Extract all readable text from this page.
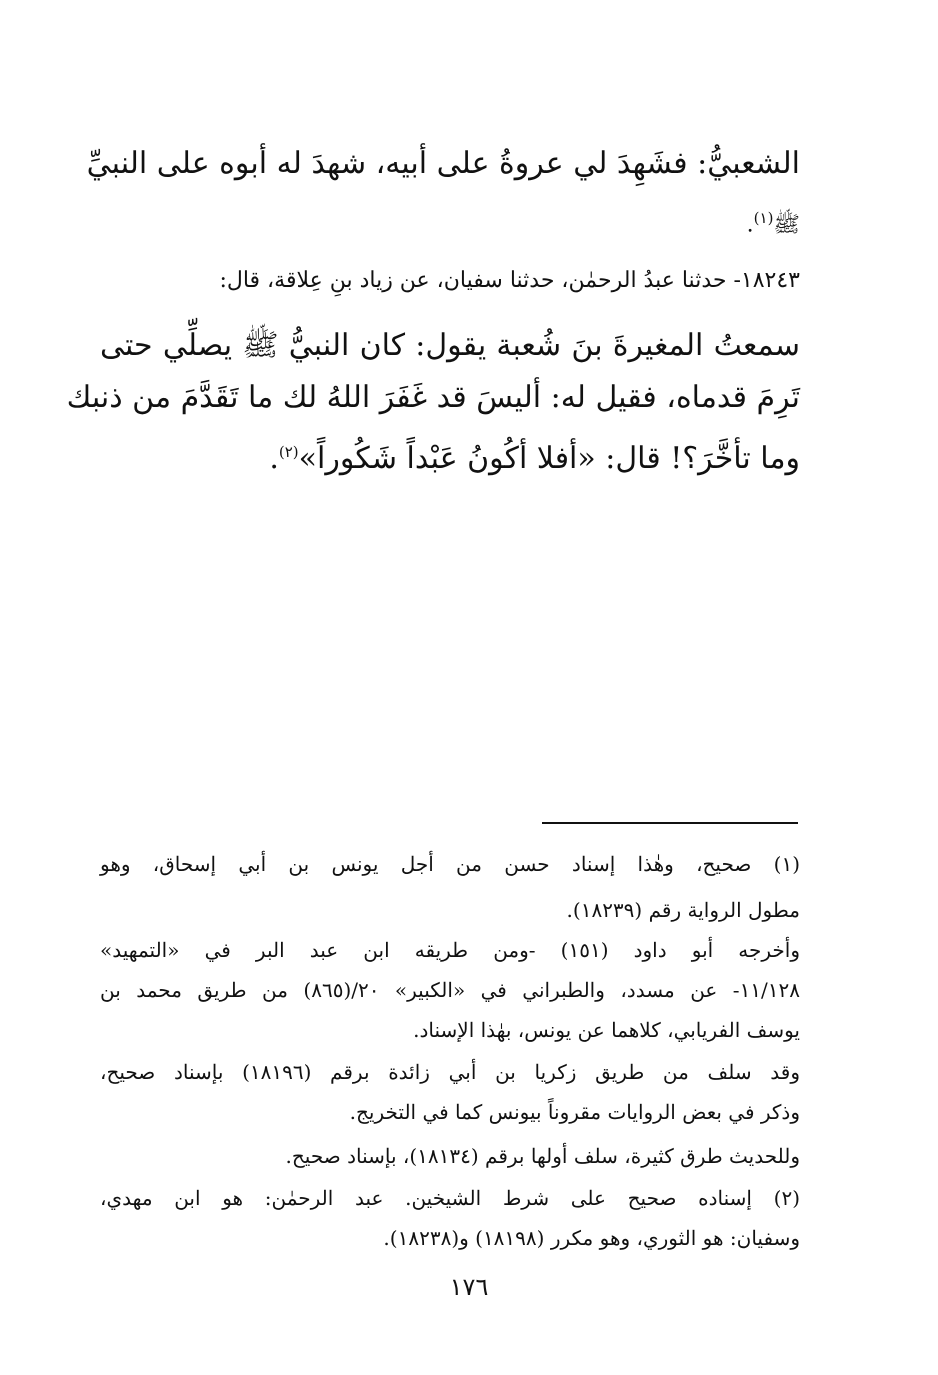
الشعبيُّ: فشَهِدَ لي عروةُ على أبيه، شهدَ له أبوه على النبيِّ
ﷺ$^{(١)}$.
١٨٢٤٣- حدثنا عبدُ الرحمٰن، حدثنا سفيان، عن زياد بنِ عِلاقة، قال:
سمعتُ المغيرةَ بنَ شُعبة يقول: كان النبيُّ ﷺ يصلِّي حتى
تَرِمَ قدماه، فقيل له: أليسَ قد غَفَرَ اللهُ لك ما تَقَدَّمَ من ذنبك
وما تأخَّرَ؟! قال: «أفلا أكُونُ عَبْداً شَكُوراً»$^{(٢)}$.
(١) صحيح، وهٰذا إسناد حسن من أجل يونس بن أبي إسحاق، وهو
مطول الرواية رقم (١٨٢٣٩).
وأخرجه أبو داود (١٥١) -ومن طريقه ابن عبد البر في «التمهيد»
١١/١٢٨- عن مسدد، والطبراني في «الكبير» ٢٠/(٨٦٥) من طريق محمد بن
يوسف الفريابي، كلاهما عن يونس، بهٰذا الإسناد.
وقد سلف من طريق زكريا بن أبي زائدة برقم (١٨١٩٦) بإسناد صحيح،
وذكر في بعض الروايات مقروناً بيونس كما في التخريج.
وللحديث طرق كثيرة، سلف أولها برقم (١٨١٣٤)، بإسناد صحيح.
(٢) إسناده صحيح على شرط الشيخين. عبد الرحمٰن: هو ابن مهدي،
وسفيان: هو الثوري، وهو مكرر (١٨١٩٨) و(١٨٢٣٨).
١٧٦
